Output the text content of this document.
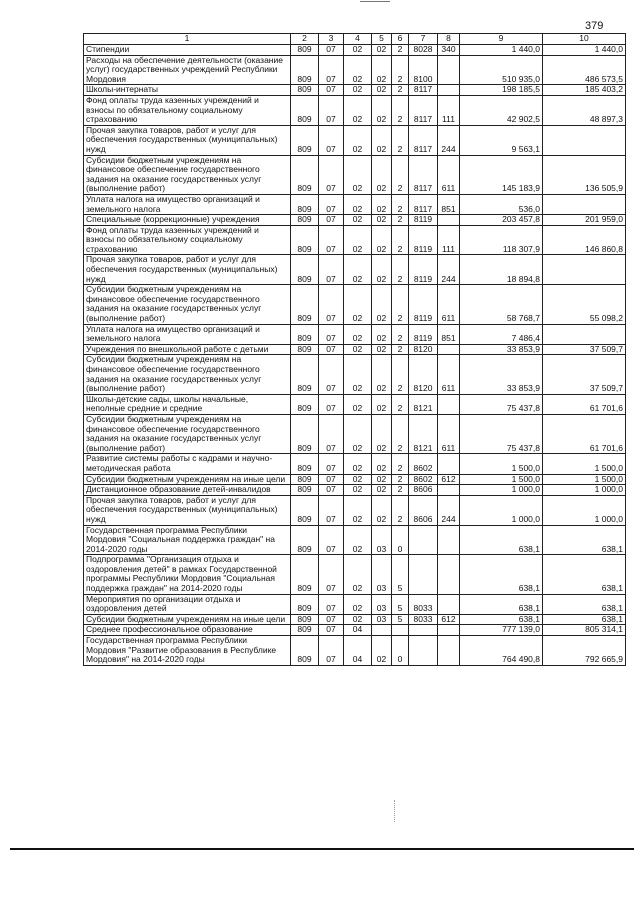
379
1	2	3	4	5	6	7	8	9	10
Стипендии	809	07	02	02	2	8028	340	1 440,0	1 440,0
Расходы на обеспечение деятельности (оказание услуг) государственных учреждений Республики Мордовия	809	07	02	02	2	8100		510 935,0	486 573,5
Школы-интернаты	809	07	02	02	2	8117		198 185,5	185 403,2
Фонд оплаты труда казенных учреждений и взносы по обязательному социальному страхованию	809	07	02	02	2	8117	111	42 902,5	48 897,3
Прочая закупка товаров, работ и услуг для обеспечения государственных (муниципальных) нужд	809	07	02	02	2	8117	244	9 563,1	
Субсидии бюджетным учреждениям на финансовое обеспечение государственного задания на оказание государственных услуг (выполнение работ)	809	07	02	02	2	8117	611	145 183,9	136 505,9
Уплата налога на имущество организаций и земельного налога	809	07	02	02	2	8117	851	536,0	
Специальные (коррекционные) учреждения	809	07	02	02	2	8119		203 457,8	201 959,0
Фонд оплаты труда казенных учреждений и взносы по обязательному социальному страхованию	809	07	02	02	2	8119	111	118 307,9	146 860,8
Прочая закупка товаров, работ и услуг для обеспечения государственных (муниципальных) нужд	809	07	02	02	2	8119	244	18 894,8	
Субсидии бюджетным учреждениям на финансовое обеспечение государственного задания на оказание государственных услуг (выполнение работ)	809	07	02	02	2	8119	611	58 768,7	55 098,2
Уплата налога на имущество организаций и земельного налога	809	07	02	02	2	8119	851	7 486,4	
Учреждения по внешкольной работе с детьми	809	07	02	02	2	8120		33 853,9	37 509,7
Субсидии бюджетным учреждениям на финансовое обеспечение государственного задания на оказание государственных услуг (выполнение работ)	809	07	02	02	2	8120	611	33 853,9	37 509,7
Школы-детские сады, школы начальные, неполные средние и средние	809	07	02	02	2	8121		75 437,8	61 701,6
Субсидии бюджетным учреждениям на финансовое обеспечение государственного задания на оказание государственных услуг (выполнение работ)	809	07	02	02	2	8121	611	75 437,8	61 701,6
Развитие системы работы с кадрами и научно-методическая работа	809	07	02	02	2	8602		1 500,0	1 500,0
Субсидии бюджетным учреждениям на иные цели	809	07	02	02	2	8602	612	1 500,0	1 500,0
Дистанционное образование детей-инвалидов	809	07	02	02	2	8606		1 000,0	1 000,0
Прочая закупка товаров, работ и услуг для обеспечения государственных (муниципальных) нужд	809	07	02	02	2	8606	244	1 000,0	1 000,0
Государственная программа Республики Мордовия "Социальная поддержка граждан" на 2014-2020 годы	809	07	02	03	0			638,1	638,1
Подпрограмма "Организация отдыха и оздоровления детей" в рамках Государственной программы Республики Мордовия "Социальная поддержка граждан" на 2014-2020 годы	809	07	02	03	5			638,1	638,1
Мероприятия по организации отдыха и оздоровления детей	809	07	02	03	5	8033		638,1	638,1
Субсидии бюджетным учреждениям на иные цели	809	07	02	03	5	8033	612	638,1	638,1
Среднее профессиональное образование	809	07	04					777 139,0	805 314,1
Государственная программа Республики Мордовия "Развитие образования в Республике Мордовия" на 2014-2020 годы	809	07	04	02	0			764 490,8	792 665,9
